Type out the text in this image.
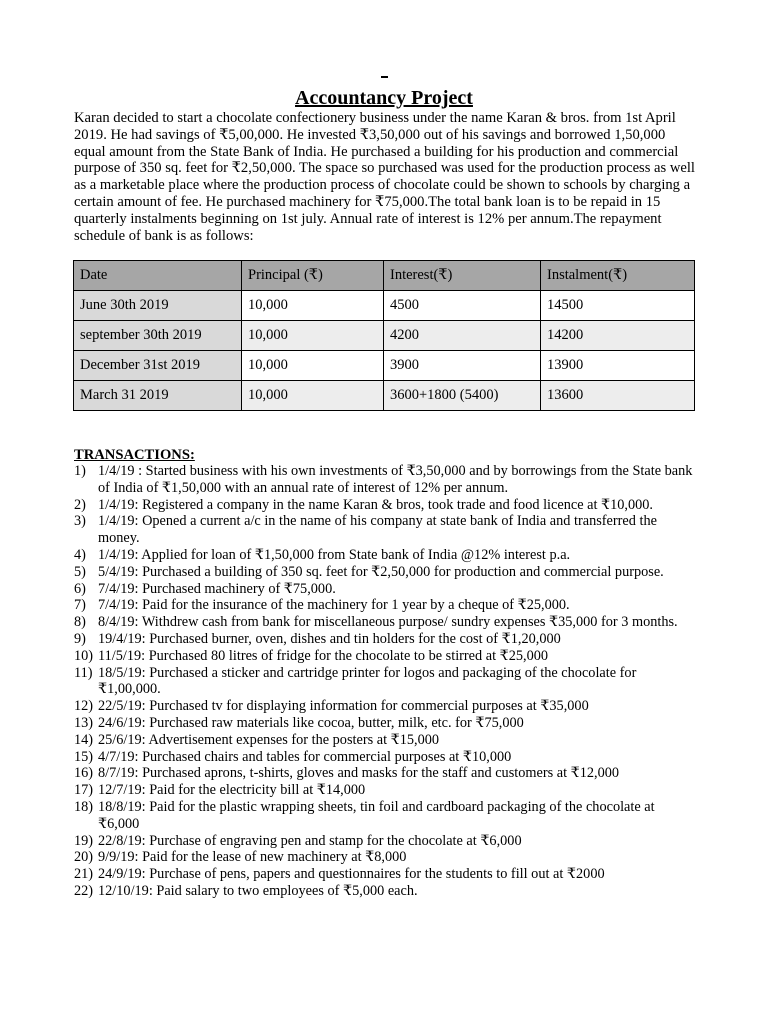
Accountancy Project
Karan decided to start a chocolate confectionery business under the name Karan & bros. from 1st April 2019. He had savings of ₹5,00,000. He invested ₹3,50,000 out of his savings and borrowed 1,50,000 equal amount from the State Bank of India. He purchased a building for his production and commercial purpose of 350 sq. feet for ₹2,50,000. The space so purchased was used for the production process as well as a marketable place where the production process of chocolate could be shown to schools by charging a certain amount of fee. He purchased machinery for ₹75,000.The total bank loan is to be repaid in 15 quarterly instalments beginning on 1st july. Annual rate of interest is 12% per annum.The repayment schedule of bank is as follows:
Date	Principal (₹)	Interest(₹)	Instalment(₹)
June 30th 2019	10,000	4500	14500
september 30th 2019	10,000	4200	14200
December 31st 2019	10,000	3900	13900
March 31 2019	10,000	3600+1800 (5400)	13600
TRANSACTIONS:
1) 1/4/19 : Started business with his own investments of ₹3,50,000 and by borrowings from the State bank of India of ₹1,50,000 with an annual rate of interest of 12% per annum.
2) 1/4/19: Registered a company in the name Karan & bros, took trade and food licence at ₹10,000.
3) 1/4/19: Opened a current a/c in the name of his company at state bank of India and transferred the money.
4) 1/4/19: Applied for loan of ₹1,50,000 from State bank of India @12% interest p.a.
5) 5/4/19: Purchased a building of 350 sq. feet for ₹2,50,000 for production and commercial purpose.
6) 7/4/19: Purchased machinery of ₹75,000.
7) 7/4/19: Paid for the insurance of the machinery for 1 year by a cheque of ₹25,000.
8) 8/4/19: Withdrew cash from bank for miscellaneous purpose/ sundry expenses ₹35,000 for 3 months.
9) 19/4/19: Purchased burner, oven, dishes and tin holders for the cost of ₹1,20,000
10) 11/5/19: Purchased 80 litres of fridge for the chocolate to be stirred at ₹25,000
11) 18/5/19: Purchased a sticker and cartridge printer for logos and packaging of the chocolate for ₹1,00,000.
12) 22/5/19: Purchased tv for displaying information for commercial purposes at ₹35,000
13) 24/6/19: Purchased raw materials like cocoa, butter, milk, etc. for ₹75,000
14) 25/6/19: Advertisement expenses for the posters at ₹15,000
15) 4/7/19: Purchased chairs and tables for commercial purposes at ₹10,000
16) 8/7/19: Purchased aprons, t-shirts, gloves and masks for the staff and customers at ₹12,000
17) 12/7/19: Paid for the electricity bill at ₹14,000
18) 18/8/19: Paid for the plastic wrapping sheets, tin foil and cardboard packaging of the chocolate at ₹6,000
19) 22/8/19: Purchase of engraving pen and stamp for the chocolate at ₹6,000
20) 9/9/19: Paid for the lease of new machinery at ₹8,000
21) 24/9/19: Purchase of pens, papers and questionnaires for the students to fill out at ₹2000
22) 12/10/19: Paid salary to two employees of ₹5,000 each.
